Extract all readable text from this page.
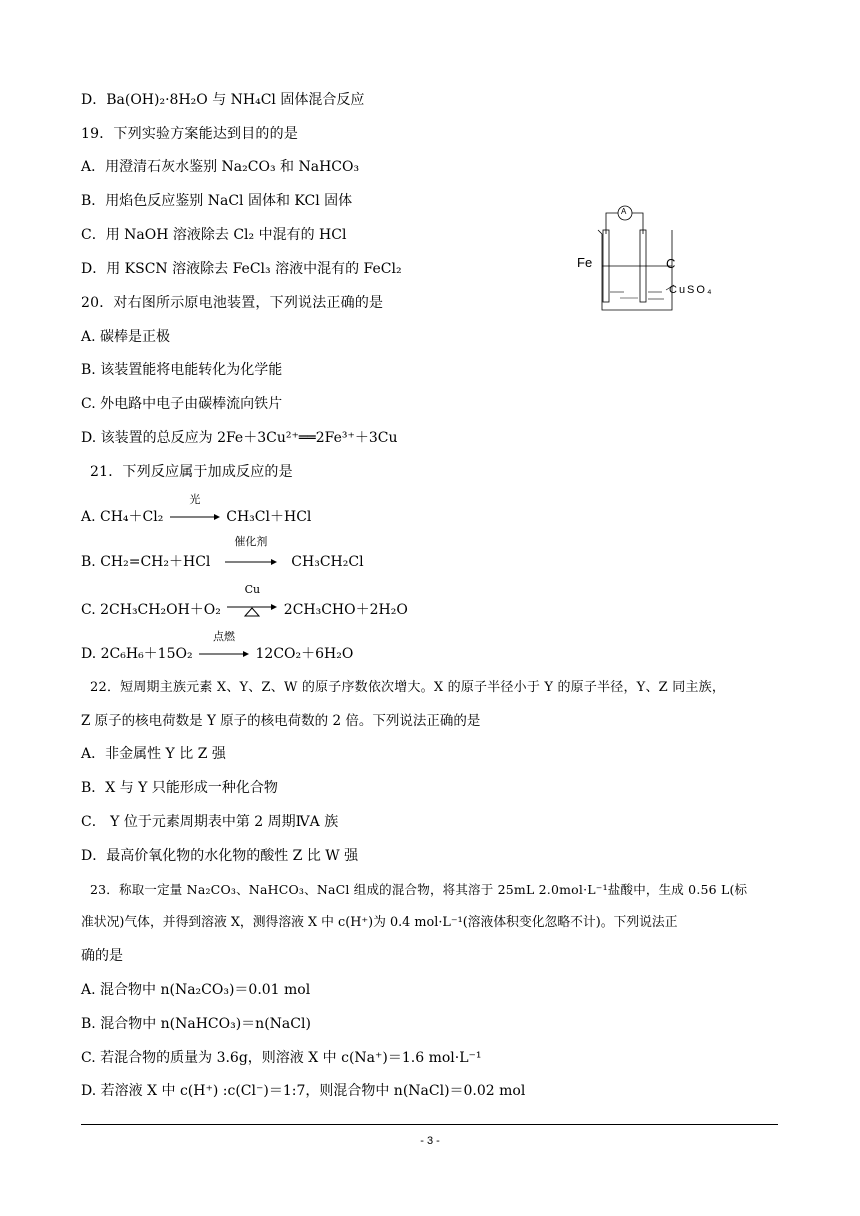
D．Ba(OH)₂·8H₂O 与 NH₄Cl 固体混合反应
19．下列实验方案能达到目的的是
A．用澄清石灰水鉴别 Na₂CO₃ 和 NaHCO₃
B．用焰色反应鉴别 NaCl 固体和 KCl 固体
C．用 NaOH 溶液除去 Cl₂ 中混有的 HCl
D．用 KSCN 溶液除去 FeCl₃ 溶液中混有的 FeCl₂
20．对右图所示原电池装置，下列说法正确的是
A. 碳棒是正极
B. 该装置能将电能转化为化学能
C. 外电路中电子由碳棒流向铁片
D. 该装置的总反应为 2Fe＋3Cu²⁺══2Fe³⁺＋3Cu
21．下列反应属于加成反应的是
A. CH₄＋Cl₂
光
CH₃Cl＋HCl
B. CH₂=CH₂＋HCl
催化剂
CH₃CH₂Cl
C. 2CH₃CH₂OH＋O₂
Cu
2CH₃CHO＋2H₂O
D. 2C₆H₆＋15O₂
点燃
12CO₂＋6H₂O
22．短周期主族元素 X、Y、Z、W 的原子序数依次增大。X 的原子半径小于 Y 的原子半径，Y、Z 同主族，
Z 原子的核电荷数是 Y 原子的核电荷数的 2 倍。下列说法正确的是
A．非金属性 Y 比 Z 强
B．X 与 Y 只能形成一种化合物
C． Y 位于元素周期表中第 2 周期ⅣA 族
D．最高价氧化物的水化物的酸性 Z 比 W 强
23．称取一定量 Na₂CO₃、NaHCO₃、NaCl 组成的混合物，将其溶于 25mL 2.0mol·L⁻¹盐酸中，生成 0.56 L(标
准状况)气体，并得到溶液 X，测得溶液 X 中 c(H⁺)为 0.4 mol·L⁻¹(溶液体积变化忽略不计)。下列说法正
确的是
A. 混合物中 n(Na₂CO₃)＝0.01 mol
B. 混合物中 n(NaHCO₃)＝n(NaCl)
C. 若混合物的质量为 3.6g，则溶液 X 中 c(Na⁺)＝1.6 mol·L⁻¹
D. 若溶液 X 中 c(H⁺) :c(Cl⁻)＝1:7，则混合物中 n(NaCl)＝0.02 mol
A
Fe	C
CuSO₄
- 3 -
